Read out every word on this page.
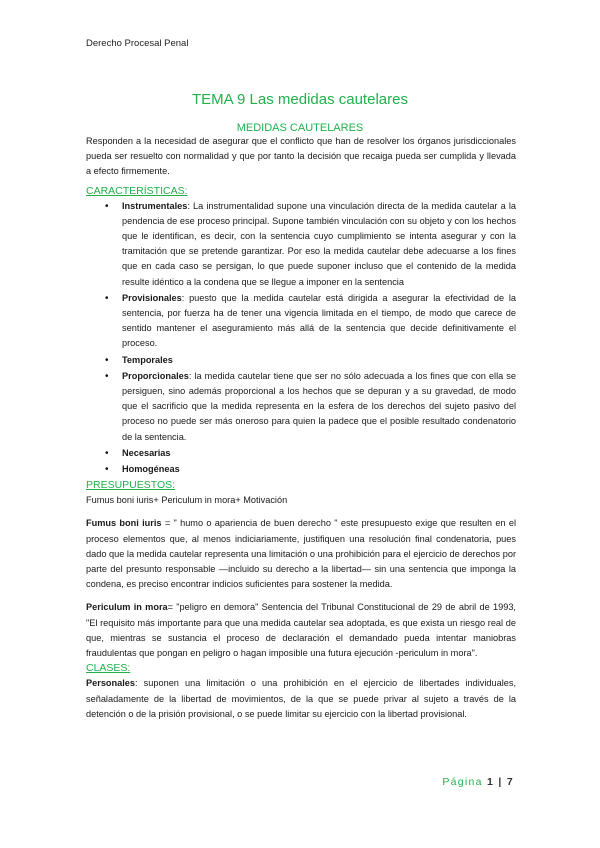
Derecho Procesal Penal
TEMA 9 Las medidas cautelares
MEDIDAS CAUTELARES

Responden a la necesidad de asegurar que el conflicto que han de resolver los órganos jurisdiccionales pueda ser resuelto con normalidad y que por tanto la decisión que recaiga pueda ser cumplida y llevada a efecto firmemente.

CARACTERÍSTICAS:

• Instrumentales: La instrumentalidad supone una vinculación directa de la medida cautelar a la pendencia de ese proceso principal. Supone también vinculación con su objeto y con los hechos que le identifican, es decir, con la sentencia cuyo cumplimiento se intenta asegurar y con la tramitación que se pretende garantizar. Por eso la medida cautelar debe adecuarse a los fines que en cada caso se persigan, lo que puede suponer incluso que el contenido de la medida resulte idéntico a la condena que se llegue a imponer en la sentencia
• Provisionales: puesto que la medida cautelar está dirigida a asegurar la efectividad de la sentencia, por fuerza ha de tener una vigencia limitada en el tiempo, de modo que carece de sentido mantener el aseguramiento más allá de la sentencia que decide definitivamente el proceso.
• Temporales
• Proporcionales: la medida cautelar tiene que ser no sólo adecuada a los fines que con ella se persiguen, sino además proporcional a los hechos que se depuran y a su gravedad, de modo que el sacrificio que la medida representa en la esfera de los derechos del sujeto pasivo del proceso no puede ser más oneroso para quien la padece que el posible resultado condenatorio de la sentencia.
• Necesarias
• Homogéneas

PRESUPUESTOS:

Fumus boni iuris+ Periculum in mora+ Motivación

Fumus boni iuris = " humo o apariencia de buen derecho " este presupuesto exige que resulten en el proceso elementos que, al menos indiciariamente, justifiquen una resolución final condenatoria, pues dado que la medida cautelar representa una limitación o una prohibición para el ejercicio de derechos por parte del presunto responsable —incluido su derecho a la libertad— sin una sentencia que imponga la condena, es preciso encontrar indicios suficientes para sostener la medida.

Periculum in mora= "peligro en demora" Sentencia del Tribunal Constitucional de 29 de abril de 1993, "El requisito más importante para que una medida cautelar sea adoptada, es que exista un riesgo real de que, mientras se sustancia el proceso de declaración el demandado pueda intentar maniobras fraudulentas que pongan en peligro o hagan imposible una futura ejecución -periculum in mora".

CLASES:

Personales: suponen una limitación o una prohibición en el ejercicio de libertades individuales, señaladamente de la libertad de movimientos, de la que se puede privar al sujeto a través de la detención o de la prisión provisional, o se puede limitar su ejercicio con la libertad provisional.

Página 1 | 7
